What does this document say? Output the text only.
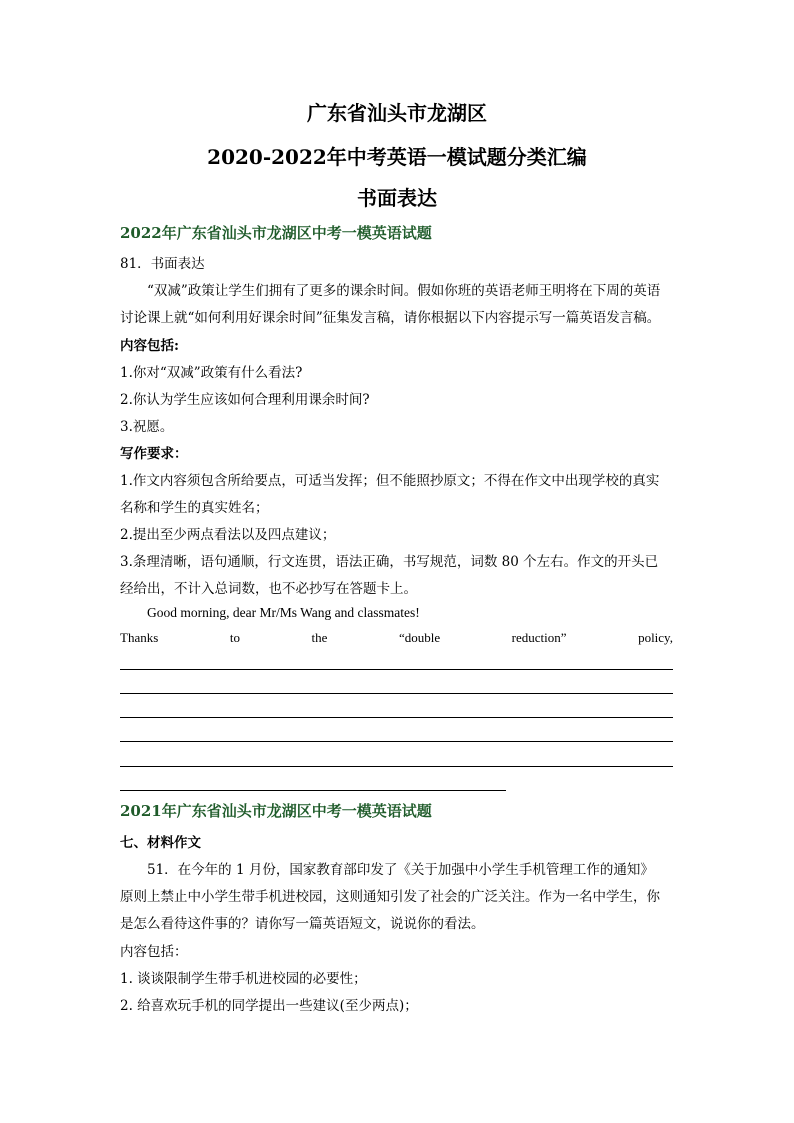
广东省汕头市龙湖区
2020-2022年中考英语一模试题分类汇编
书面表达
2022年广东省汕头市龙湖区中考一模英语试题
81．书面表达
“双减”政策让学生们拥有了更多的课余时间。假如你班的英语老师王明将在下周的英语
讨论课上就“如何利用好课余时间”征集发言稿，请你根据以下内容提示写一篇英语发言稿。
内容包括:
1.你对“双减”政策有什么看法?
2.你认为学生应该如何合理利用课余时间?
3.祝愿。
写作要求：
1.作文内容须包含所给要点，可适当发挥；但不能照抄原文；不得在作文中出现学校的真实
名称和学生的真实姓名；
2.提出至少两点看法以及四点建议；
3.条理清晰，语句通顺，行文连贯，语法正确，书写规范，词数 80 个左右。作文的开头已
经给出，不计入总词数，也不必抄写在答题卡上。
Good morning, dear Mr/Ms Wang and classmates!
Thanks	to	the	“double	reduction”	policy,
2021年广东省汕头市龙湖区中考一模英语试题
七、材料作文
51．在今年的 1 月份，国家教育部印发了《关于加强中小学生手机管理工作的通知》
原则上禁止中小学生带手机进校园，这则通知引发了社会的广泛关注。作为一名中学生，你
是怎么看待这件事的？请你写一篇英语短文，说说你的看法。
内容包括：
1. 谈谈限制学生带手机进校园的必要性；
2. 给喜欢玩手机的同学提出一些建议(至少两点)；
